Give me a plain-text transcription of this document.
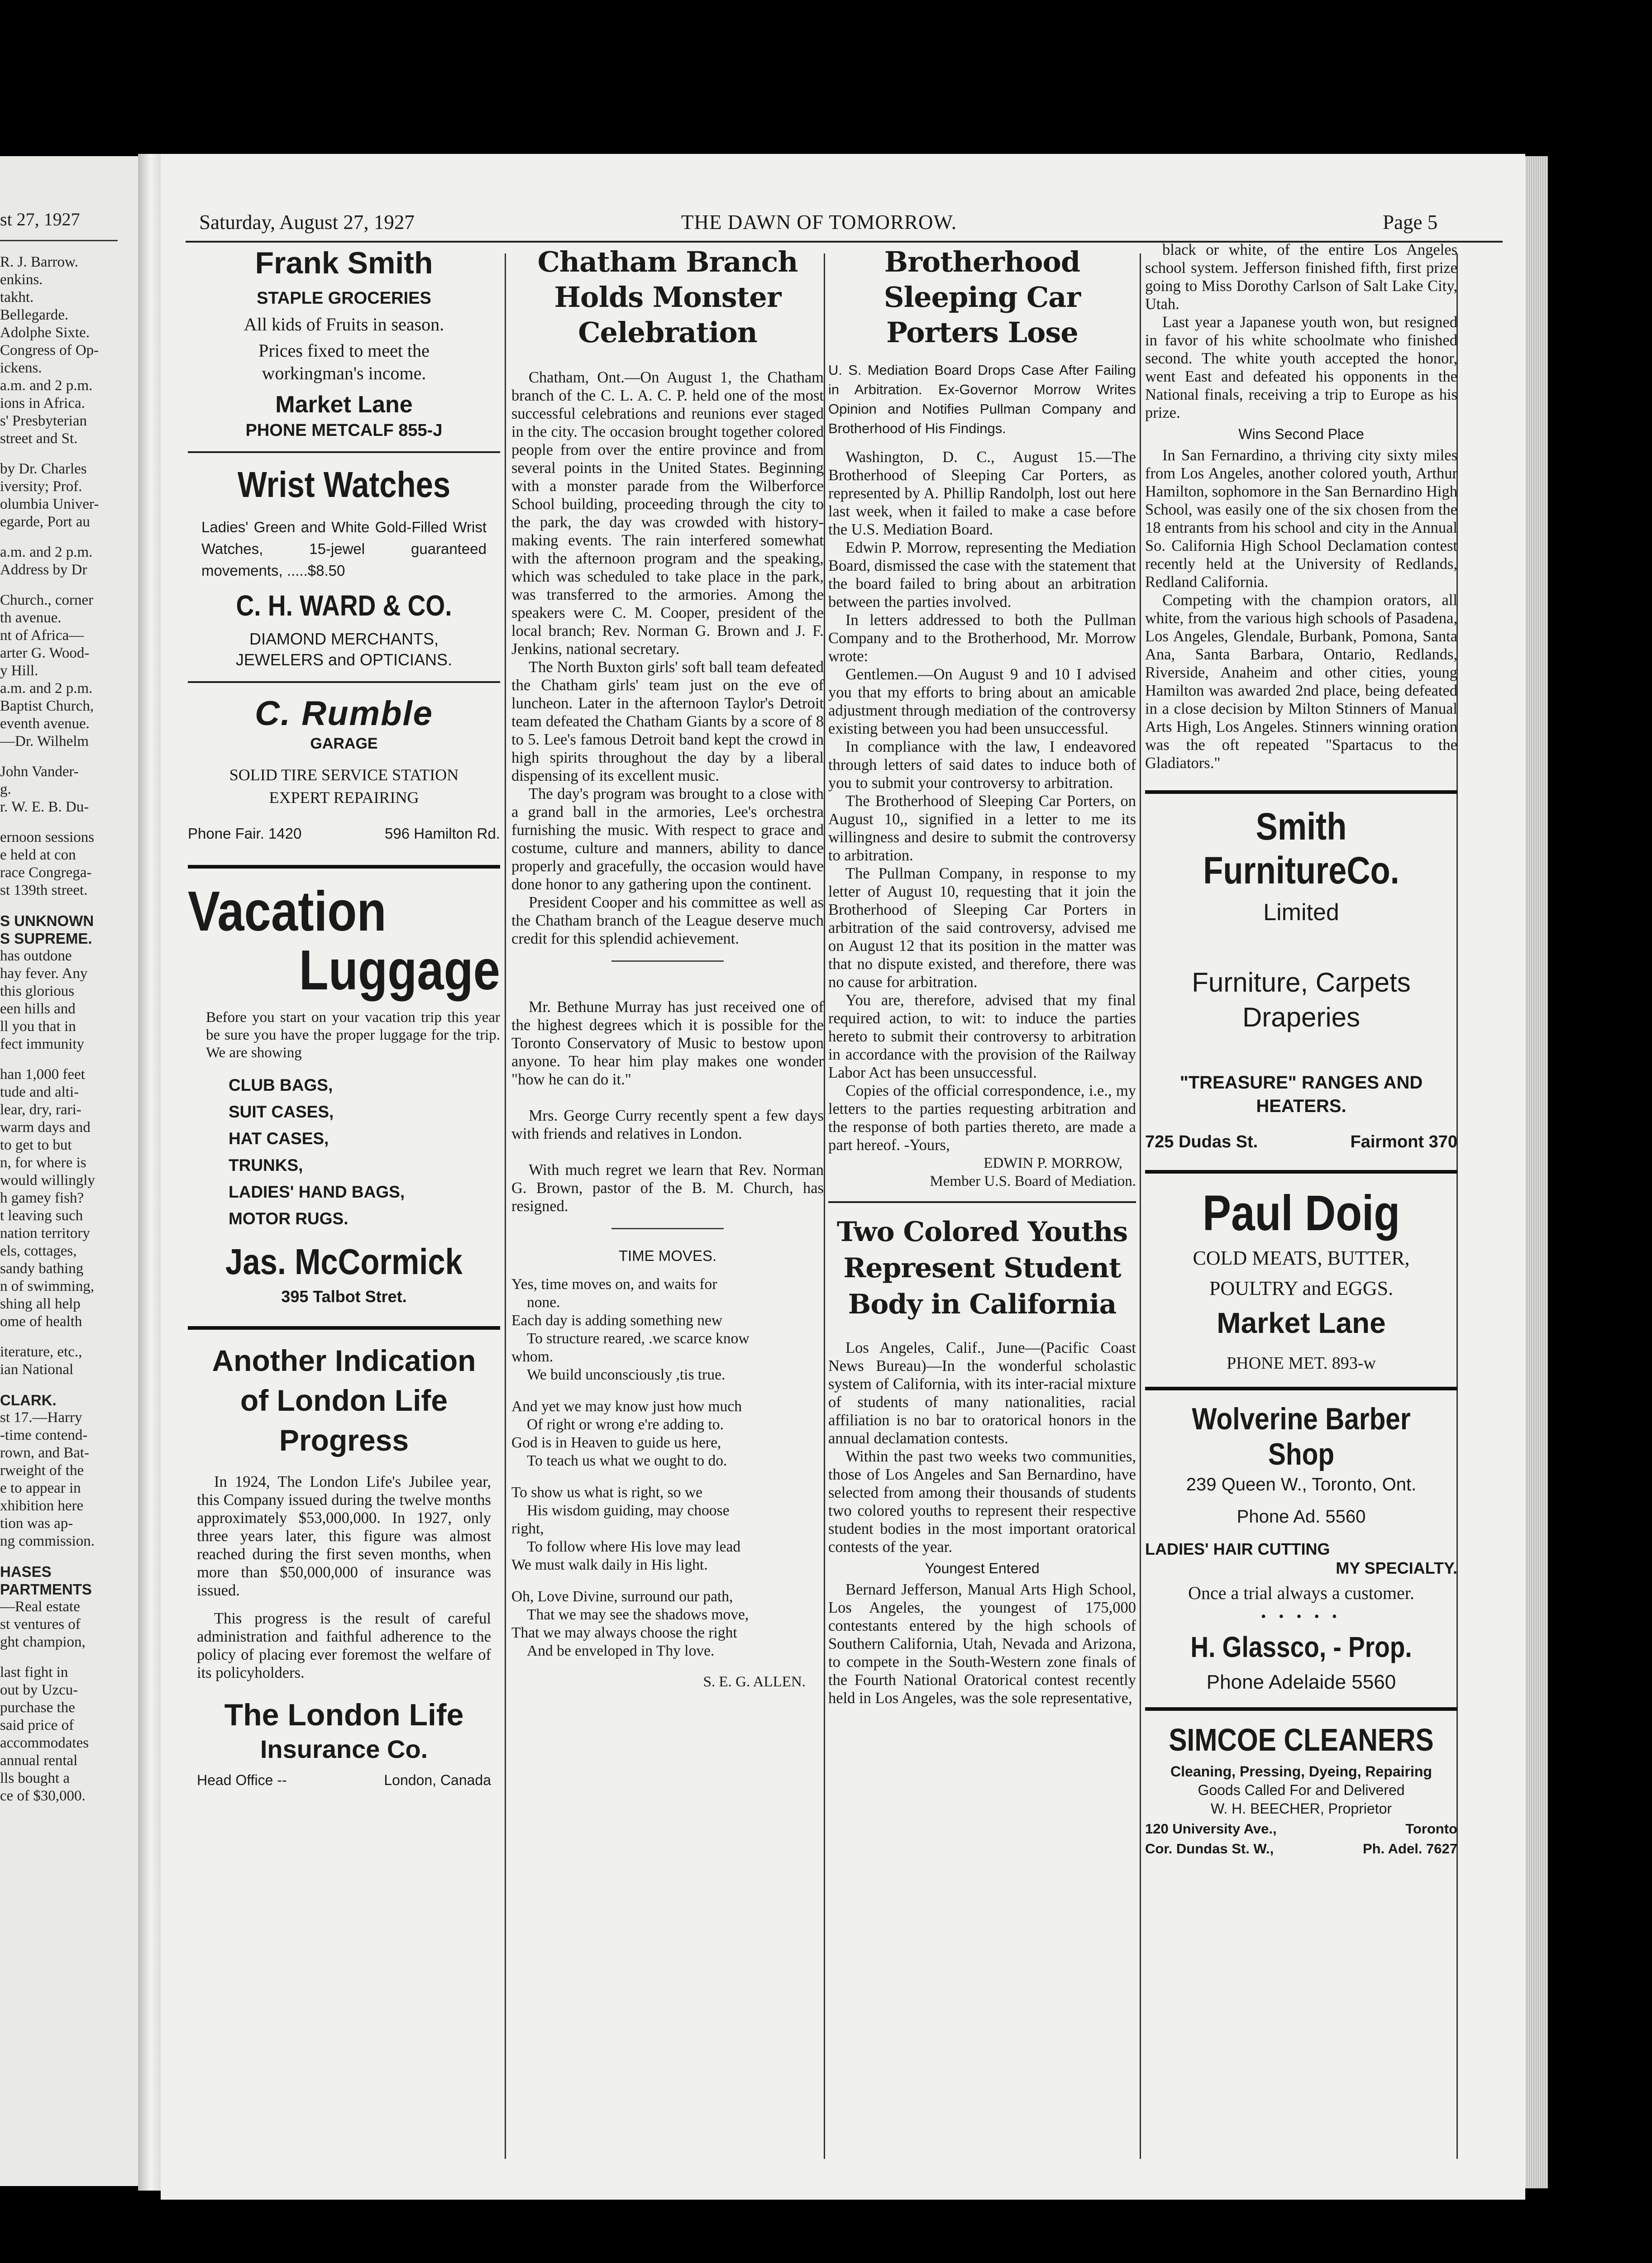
st 27, 1927
R. J. Barrow.
enkins.
takht.
Bellegarde.
Adolphe Sixte.
Congress of Op-
ickens.
a.m. and 2 p.m.
ions in Africa.
s' Presbyterian
street and St.
by Dr. Charles
iversity; Prof.
olumbia Univer-
egarde, Port au
a.m. and 2 p.m.
Address by Dr
Church., corner
th avenue.
nt of Africa—
arter G. Wood-
y Hill.
a.m. and 2 p.m.
Baptist Church,
eventh avenue.
—Dr. Wilhelm
John Vander-
g.
r. W. E. B. Du-
ernoon sessions
e held at con
race Congrega-
st 139th street.
S UNKNOWN
S SUPREME.
has outdone
hay fever. Any
this glorious
een hills and
ll you that in
fect immunity
han 1,000 feet
tude and alti-
lear, dry, rari-
warm days and
to get to but
n, for where is
would willingly
h gamey fish?
t leaving such
nation territory
els, cottages,
sandy bathing
n of swimming,
shing all help
ome of health
iterature, etc.,
ian National
CLARK.
st 17.—Harry
-time contend-
rown, and Bat-
rweight of the
e to appear in
xhibition here
tion was ap-
ng commission.
HASES
PARTMENTS
—Real estate
st ventures of
ght champion,
last fight in
out by Uzcu-
purchase the
said price of
accommodates
annual rental
lls bought a
ce of $30,000.
Saturday, August 27, 1927	THE DAWN OF TOMORROW.	Page 5
Frank Smith
STAPLE GROCERIES
All kids of Fruits in season.
Prices fixed to meet the workingman's income.
Market Lane
PHONE METCALF 855-J
Wrist Watches
Ladies' Green and White Gold-Filled Wrist Watches, 15-jewel guaranteed movements, .....$8.50
C. H. WARD & CO.
DIAMOND MERCHANTS, JEWELERS and OPTICIANS.
C. Rumble
GARAGE
SOLID TIRE SERVICE STATION
EXPERT REPAIRING
Phone Fair. 1420	596 Hamilton Rd.
Vacation
Luggage
Before you start on your vacation trip this year be sure you have the proper luggage for the trip. We are showing
CLUB BAGS,
SUIT CASES,
HAT CASES,
TRUNKS,
LADIES' HAND BAGS,
MOTOR RUGS.
Jas. McCormick
395 Talbot Stret.
Another Indication of London Life Progress

In 1924, The London Life's Jubilee year, this Company issued during the twelve months approximately $53,000,000. In 1927, only three years later, this figure was almost reached during the first seven months, when more than $50,000,000 of insurance was issued.

This progress is the result of careful administration and faithful adherence to the policy of placing ever foremost the welfare of its policyholders.

The London Life
Insurance Co.
Head Office --	London, Canada
Chatham Branch Holds Monster Celebration

Chatham, Ont.—On August 1, the Chatham branch of the C. L. A. C. P. held one of the most successful celebrations and reunions ever staged in the city. The occasion brought together colored people from over the entire province and from several points in the United States. Beginning with a monster parade from the Wilberforce School building, proceeding through the city to the park, the day was crowded with history-making events. The rain interfered somewhat with the afternoon program and the speaking, which was scheduled to take place in the park, was transferred to the armories. Among the speakers were C. M. Cooper, president of the local branch; Rev. Norman G. Brown and J. F. Jenkins, national secretary.

The North Buxton girls' soft ball team defeated the Chatham girls' team just on the eve of luncheon. Later in the afternoon Taylor's Detroit team defeated the Chatham Giants by a score of 8 to 5. Lee's famous Detroit band kept the crowd in high spirits throughout the day by a liberal dispensing of its excellent music.

The day's program was brought to a close with a grand ball in the armories, Lee's orchestra furnishing the music. With respect to grace and costume, culture and manners, ability to dance properly and gracefully, the occasion would have done honor to any gathering upon the continent.

President Cooper and his committee as well as the Chatham branch of the League deserve much credit for this splendid achievement.

Mr. Bethune Murray has just received one of the highest degrees which it is possible for the Toronto Conservatory of Music to bestow upon anyone. To hear him play makes one wonder "how he can do it."

Mrs. George Curry recently spent a few days with friends and relatives in London.

With much regret we learn that Rev. Norman G. Brown, pastor of the B. M. Church, has resigned.

TIME MOVES.
Yes, time moves on, and waits for
none.
Each day is adding something new
To structure reared, .we scarce know
whom.
We build unconsciously ,tis true.
And yet we may know just how much
Of right or wrong e're adding to.
God is in Heaven to guide us here,
To teach us what we ought to do.
To show us what is right, so we
His wisdom guiding, may choose
right,
To follow where His love may lead
We must walk daily in His light.
Oh, Love Divine, surround our path,
That we may see the shadows move,
That we may always choose the right
And be enveloped in Thy love.
S. E. G. ALLEN.
Brotherhood Sleeping Car Porters Lose
U. S. Mediation Board Drops Case After Failing in Arbitration. Ex-Governor Morrow Writes Opinion and Notifies Pullman Company and Brotherhood of His Findings.

Washington, D. C., August 15.—The Brotherhood of Sleeping Car Porters, as represented by A. Phillip Randolph, lost out here last week, when it failed to make a case before the U.S. Mediation Board.

Edwin P. Morrow, representing the Mediation Board, dismissed the case with the statement that the board failed to bring about an arbitration between the parties involved.

In letters addressed to both the Pullman Company and to the Brotherhood, Mr. Morrow wrote:

Gentlemen.—On August 9 and 10 I advised you that my efforts to bring about an amicable adjustment through mediation of the controversy existing between you had been unsuccessful.

In compliance with the law, I endeavored through letters of said dates to induce both of you to submit your controversy to arbitration.

The Brotherhood of Sleeping Car Porters, on August 10,, signified in a letter to me its willingness and desire to submit the controversy to arbitration.

The Pullman Company, in response to my letter of August 10, requesting that it join the Brotherhood of Sleeping Car Porters in arbitration of the said controversy, advised me on August 12 that its position in the matter was that no dispute existed, and therefore, there was no cause for arbitration.

You are, therefore, advised that my final required action, to wit: to induce the parties hereto to submit their controversy to arbitration in accordance with the provision of the Railway Labor Act has been unsuccessful.

Copies of the official correspondence, i.e., my letters to the parties requesting arbitration and the response of both parties thereto, are made a part hereof. -Yours,

EDWIN P. MORROW,
Member U.S. Board of Mediation.
Two Colored Youths Represent Student Body in California

Los Angeles, Calif., June—(Pacific Coast News Bureau)—In the wonderful scholastic system of California, with its inter-racial mixture of students of many nationalities, racial affiliation is no bar to oratorical honors in the annual declamation contests.

Within the past two weeks two communities, those of Los Angeles and San Bernardino, have selected from among their thousands of students two colored youths to represent their respective student bodies in the most important oratorical contests of the year.

Youngest Entered

Bernard Jefferson, Manual Arts High School, Los Angeles, the youngest of 175,000 contestants entered by the high schools of Southern California, Utah, Nevada and Arizona, to compete in the South-Western zone finals of the Fourth National Oratorical contest recently held in Los Angeles, was the sole representative,

black or white, of the entire Los Angeles school system. Jefferson finished fifth, first prize going to Miss Dorothy Carlson of Salt Lake City, Utah.

Last year a Japanese youth won, but resigned in favor of his white schoolmate who finished second. The white youth accepted the honor, went East and defeated his opponents in the National finals, receiving a trip to Europe as his prize.

Wins Second Place

In San Fernardino, a thriving city sixty miles from Los Angeles, another colored youth, Arthur Hamilton, sophomore in the San Bernardino High School, was easily one of the six chosen from the 18 entrants from his school and city in the Annual So. California High School Declamation contest recently held at the University of Redlands, Redland California.

Competing with the champion orators, all white, from the various high schools of Pasadena, Los Angeles, Glendale, Burbank, Pomona, Santa Ana, Santa Barbara, Ontario, Redlands, Riverside, Anaheim and other cities, young Hamilton was awarded 2nd place, being defeated in a close decision by Milton Stinners of Manual Arts High, Los Angeles. Stinners winning oration was the oft repeated "Spartacus to the Gladiators."

Smith FurnitureCo.
Limited
Furniture, Carpets
Draperies
"TREASURE" RANGES AND HEATERS.
725 Dudas St.	Fairmont 370
Paul Doig
COLD MEATS, BUTTER,
POULTRY and EGGS.
Market Lane
PHONE MET. 893-w
Wolverine Barber Shop
239 Queen W., Toronto, Ont.
Phone Ad. 5560
LADIES' HAIR CUTTING
MY SPECIALTY.
Once a trial always a customer.
• • • • •
H. Glassco, - Prop.
Phone Adelaide 5560
SIMCOE CLEANERS
Cleaning, Pressing, Dyeing, Repairing
Goods Called For and Delivered
W. H. BEECHER, Proprietor
120 University Ave.,	Toronto
Cor. Dundas St. W.,	Ph. Adel. 7627
